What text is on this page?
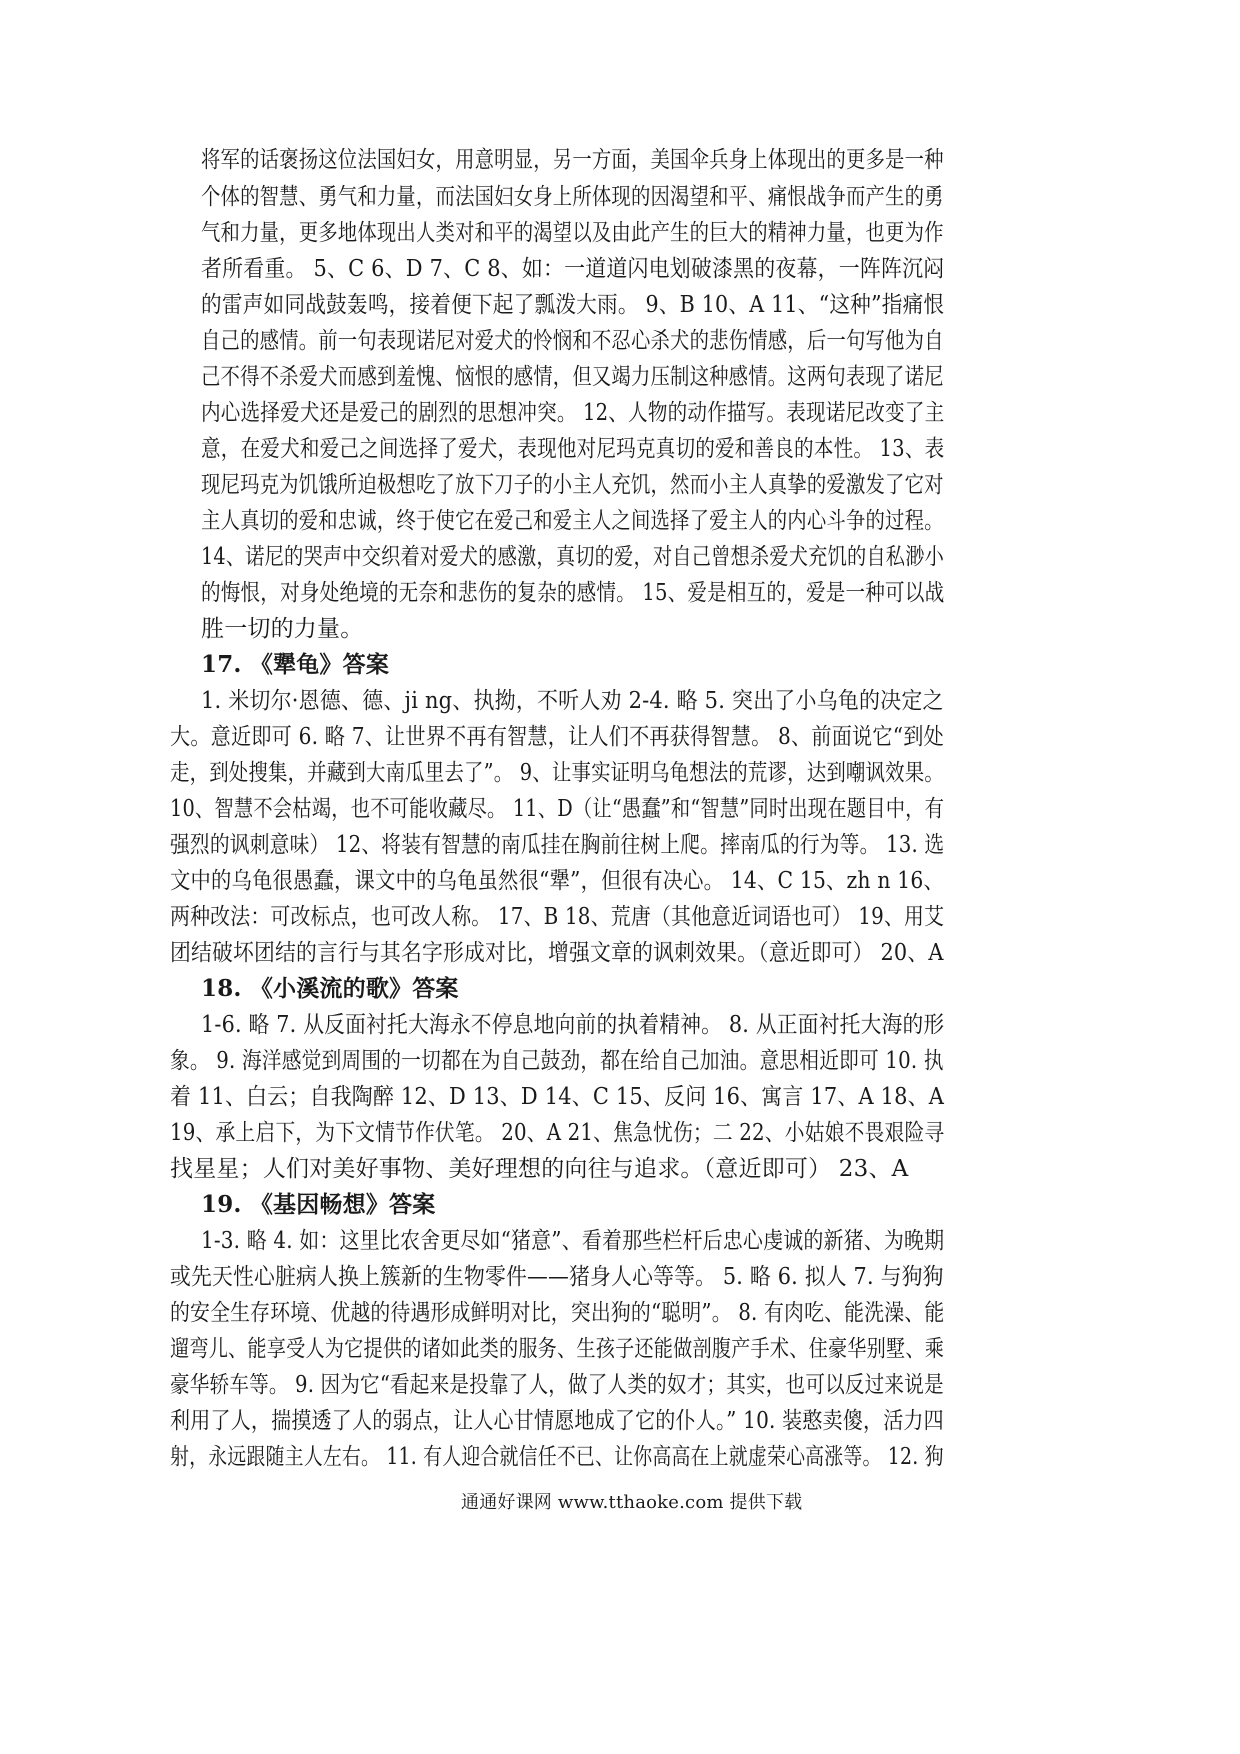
将军的话褒扬这位法国妇女，用意明显，另一方面，美国伞兵身上体现出的更多是一种
个体的智慧、勇气和力量，而法国妇女身上所体现的因渴望和平、痛恨战争而产生的勇
气和力量，更多地体现出人类对和平的渴望以及由此产生的巨大的精神力量，也更为作
者所看重。 5、C 6、D 7、C 8、如：一道道闪电划破漆黑的夜幕，一阵阵沉闷
的雷声如同战鼓轰鸣，接着便下起了瓢泼大雨。 9、B 10、A 11、“这种”指痛恨
自己的感情。前一句表现诺尼对爱犬的怜悯和不忍心杀犬的悲伤情感，后一句写他为自
己不得不杀爱犬而感到羞愧、恼恨的感情，但又竭力压制这种感情。这两句表现了诺尼
内心选择爱犬还是爱己的剧烈的思想冲突。 12、人物的动作描写。表现诺尼改变了主
意，在爱犬和爱己之间选择了爱犬，表现他对尼玛克真切的爱和善良的本性。 13、表
现尼玛克为饥饿所迫极想吃了放下刀子的小主人充饥，然而小主人真挚的爱激发了它对
主人真切的爱和忠诚，终于使它在爱己和爱主人之间选择了爱主人的内心斗争的过程。
14、诺尼的哭声中交织着对爱犬的感激，真切的爱，对自己曾想杀爱犬充饥的自私渺小
的悔恨，对身处绝境的无奈和悲伤的复杂的感情。 15、爱是相互的，爱是一种可以战
胜一切的力量。
17. 《犟龟》答案
1. 米切尔·恩德、德、ji ng、执拗，不听人劝 2-4. 略 5. 突出了小乌龟的决定之
大。意近即可 6. 略 7、让世界不再有智慧，让人们不再获得智慧。 8、前面说它“到处
走，到处搜集，并藏到大南瓜里去了”。 9、让事实证明乌龟想法的荒谬，达到嘲讽效果。
10、智慧不会枯竭，也不可能收藏尽。 11、D（让“愚蠢”和“智慧”同时出现在题目中，有
强烈的讽刺意味） 12、将装有智慧的南瓜挂在胸前往树上爬。摔南瓜的行为等。 13. 选
文中的乌龟很愚蠢，课文中的乌龟虽然很“犟”，但很有决心。 14、C 15、zh n 16、
两种改法：可改标点，也可改人称。 17、B 18、荒唐（其他意近词语也可） 19、用艾
团结破坏团结的言行与其名字形成对比，增强文章的讽刺效果。（意近即可） 20、A
18. 《小溪流的歌》答案
1-6. 略 7. 从反面衬托大海永不停息地向前的执着精神。 8. 从正面衬托大海的形
象。 9. 海洋感觉到周围的一切都在为自己鼓劲，都在给自己加油。意思相近即可 10. 执
着 11、白云；自我陶醉 12、D 13、D 14、C 15、反问 16、寓言 17、A 18、A
19、承上启下，为下文情节作伏笔。 20、A 21、焦急忧伤；二 22、小姑娘不畏艰险寻
找星星；人们对美好事物、美好理想的向往与追求。（意近即可） 23、A
19. 《基因畅想》答案
1-3. 略 4. 如：这里比农舍更尽如“猪意”、看着那些栏杆后忠心虔诚的新猪、为晚期
或先天性心脏病人换上簇新的生物零件——猪身人心等等。 5. 略 6. 拟人 7. 与狗狗
的安全生存环境、优越的待遇形成鲜明对比，突出狗的“聪明”。 8. 有肉吃、能洗澡、能
遛弯儿、能享受人为它提供的诸如此类的服务、生孩子还能做剖腹产手术、住豪华别墅、乘
豪华轿车等。 9. 因为它“看起来是投靠了人，做了人类的奴才；其实，也可以反过来说是
利用了人，揣摸透了人的弱点，让人心甘情愿地成了它的仆人。” 10. 装憨卖傻，活力四
射，永远跟随主人左右。 11. 有人迎合就信任不已、让你高高在上就虚荣心高涨等。 12. 狗
通通好课网 www.tthaoke.com 提供下载
